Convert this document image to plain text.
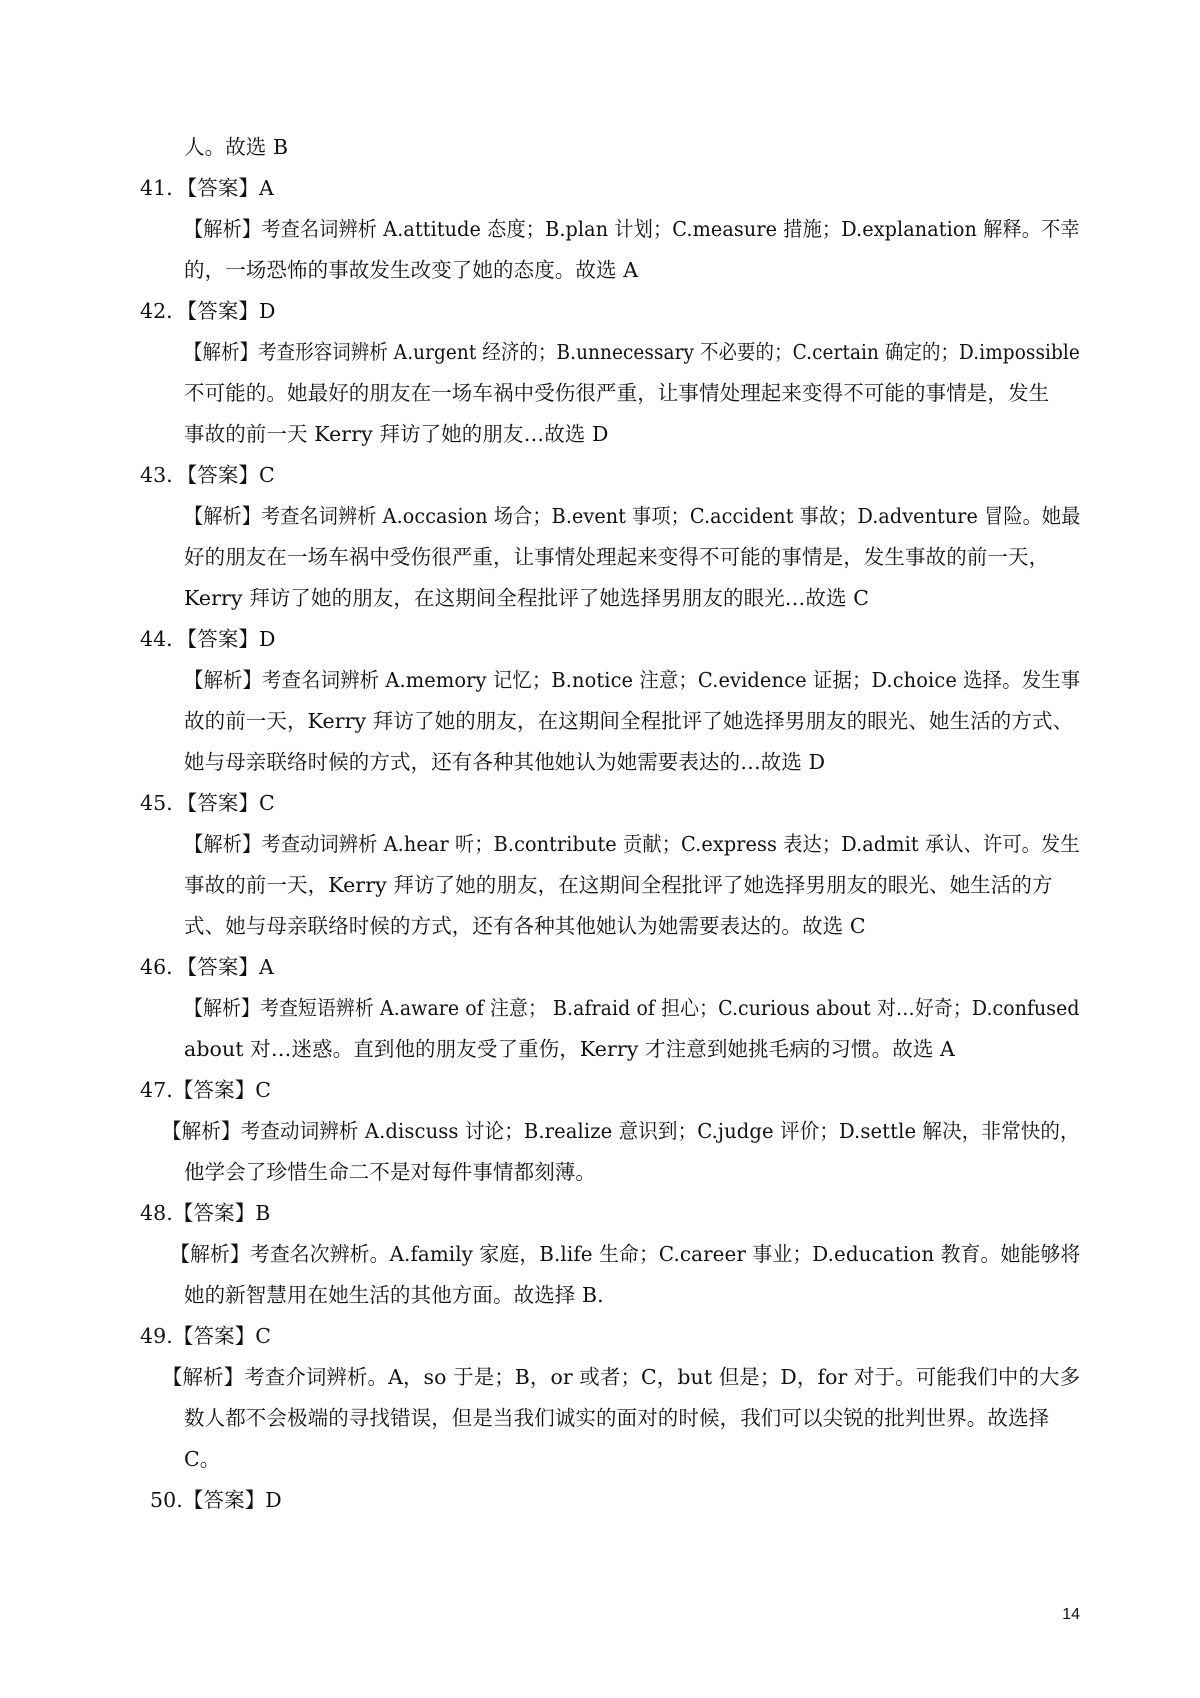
人。故选 B
41．【答案】A
【解析】考查名词辨析 A.attitude 态度；B.plan 计划；C.measure 措施；D.explanation 解释。不幸
的，一场恐怖的事故发生改变了她的态度。故选 A
42．【答案】D
【解析】考查形容词辨析 A.urgent 经济的；B.unnecessary 不必要的；C.certain 确定的；D.impossible
不可能的。她最好的朋友在一场车祸中受伤很严重，让事情处理起来变得不可能的事情是，发生
事故的前一天 Kerry 拜访了她的朋友…故选 D
43．【答案】C
【解析】考查名词辨析 A.occasion 场合；B.event 事项；C.accident 事故；D.adventure 冒险。她最
好的朋友在一场车祸中受伤很严重，让事情处理起来变得不可能的事情是，发生事故的前一天，
Kerry 拜访了她的朋友，在这期间全程批评了她选择男朋友的眼光…故选 C
44．【答案】D
【解析】考查名词辨析 A.memory 记忆；B.notice 注意；C.evidence 证据；D.choice 选择。发生事
故的前一天，Kerry 拜访了她的朋友，在这期间全程批评了她选择男朋友的眼光、她生活的方式、
她与母亲联络时候的方式，还有各种其他她认为她需要表达的…故选 D
45．【答案】C
【解析】考查动词辨析 A.hear 听；B.contribute 贡献；C.express 表达；D.admit 承认、许可。发生
事故的前一天，Kerry 拜访了她的朋友，在这期间全程批评了她选择男朋友的眼光、她生活的方
式、她与母亲联络时候的方式，还有各种其他她认为她需要表达的。故选 C
46．【答案】A
【解析】考查短语辨析 A.aware of 注意； B.afraid of 担心；C.curious about 对…好奇；D.confused
about 对…迷惑。直到他的朋友受了重伤，Kerry 才注意到她挑毛病的习惯。故选 A
47.【答案】C
【解析】考查动词辨析 A.discuss 讨论；B.realize 意识到；C.judge 评价；D.settle 解决，非常快的，
他学会了珍惜生命二不是对每件事情都刻薄。
48.【答案】B
【解析】考查名次辨析。A.family 家庭，B.life 生命；C.career 事业；D.education 教育。她能够将
她的新智慧用在她生活的其他方面。故选择 B.
49.【答案】C
【解析】考查介词辨析。A，so 于是；B，or 或者；C，but 但是；D，for 对于。可能我们中的大多
数人都不会极端的寻找错误，但是当我们诚实的面对的时候，我们可以尖锐的批判世界。故选择
C。
50.【答案】D
14
